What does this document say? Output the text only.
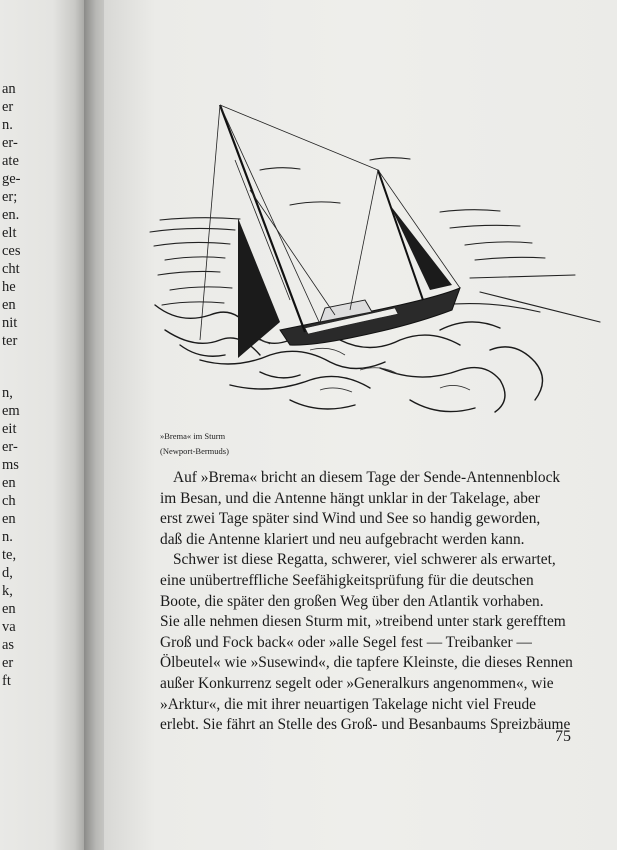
an
er
n.
er-
ate
ge-
er;
en.
elt
ces
cht
he
en
nit
ter
n,
em
eit
er-
ms
en
ch
en
n.
te,
d,
k,
en
va
as
er
ft
»Brema« im Sturm
(Newport-Bermuds)

Auf »Brema« bricht an diesem Tage der Sende-Antennenblock

im Besan, und die Antenne hängt unklar in der Takelage, aber

erst zwei Tage später sind Wind und See so handig geworden,

daß die Antenne klariert und neu aufgebracht werden kann.

Schwer ist diese Regatta, schwerer, viel schwerer als erwartet,

eine unübertreffliche Seefähigkeitsprüfung für die deutschen

Boote, die später den großen Weg über den Atlantik vorhaben.

Sie alle nehmen diesen Sturm mit, »treibend unter stark gerefftem

Groß und Fock back« oder »alle Segel fest — Treibanker —

Ölbeutel« wie »Susewind«, die tapfere Kleinste, die dieses Rennen

außer Konkurrenz segelt oder »Generalkurs angenommen«, wie

»Arktur«, die mit ihrer neuartigen Takelage nicht viel Freude

erlebt. Sie fährt an Stelle des Groß- und Besanbaums Spreizbäume

75
